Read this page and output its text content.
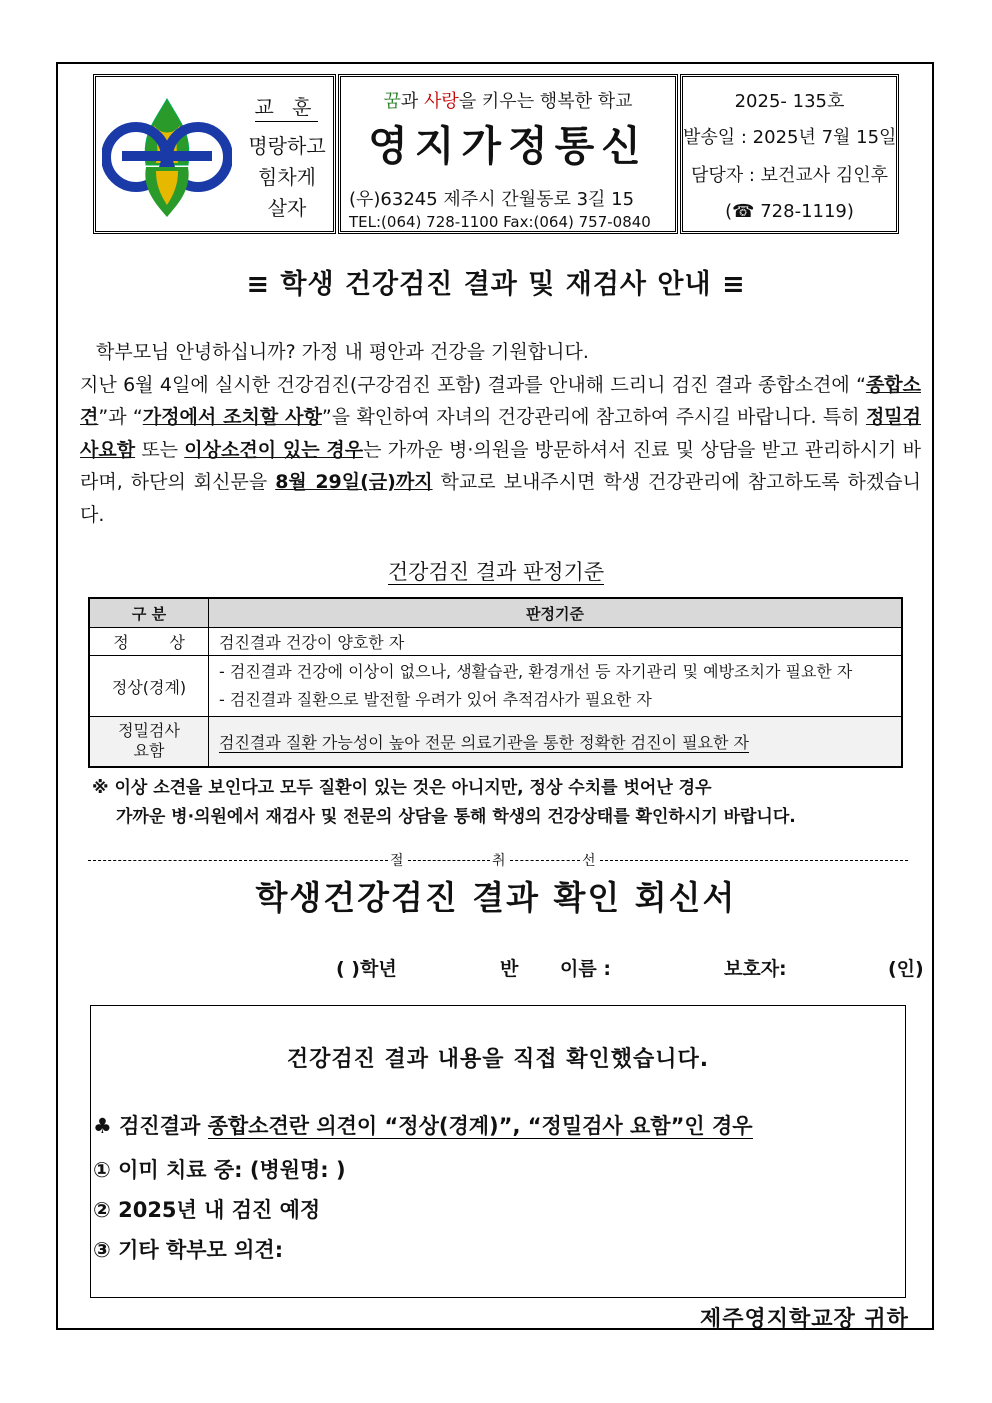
교 훈
명랑하고
힘차게
살자
꿈과 사랑을 키우는 행복한 학교
영지가정통신
(우)63245 제주시 간월동로 3길 15
TEL:(064) 728-1100 Fax:(064) 757-0840
2025- 135호
발송일 : 2025년 7월 15일
담당자 : 보건교사 김인후
(☎ 728-1119)
≡ 학생 건강검진 결과 및 재검사 안내 ≡

학부모님 안녕하십니까? 가정 내 평안과 건강을 기원합니다.

지난 6월 4일에 실시한 건강검진(구강검진 포함) 결과를 안내해 드리니 검진 결과 종합소견에 “종합소견”과 “가정에서 조치할 사항”을 확인하여 자녀의 건강관리에 참고하여 주시길 바랍니다. 특히 정밀검사요함 또는 이상소견이 있는 경우는 가까운 병·의원을 방문하셔서 진료 및 상담을 받고 관리하시기 바라며, 하단의 회신문을 8월 29일(금)까지 학교로 보내주시면 학생 건강관리에 참고하도록 하겠습니다.

건강검진 결과 판정기준
구 분	판정기준
정        상	검진결과 건강이 양호한 자
정상(경계)	- 검진결과 건강에 이상이 없으나, 생활습관, 환경개선 등 자기관리 및 예방조치가 필요한 자
- 검진결과 질환으로 발전할 우려가 있어 추적검사가 필요한 자

정밀검사
요함	검진결과 질환 가능성이 높아 전문 의료기관을 통한 정확한 검진이 필요한 자
※ 이상 소견을 보인다고 모두 질환이 있는 것은 아니지만, 정상 수치를 벗어난 경우
가까운 병·의원에서 재검사 및 전문의 상담을 통해 학생의 건강상태를 확인하시기 바랍니다.
절	취	선
학생건강검진 결과 확인 회신서
( )학년	반 이름 :	보호자:	(인)
건강검진 결과 내용을 직접 확인했습니다.
♣ 검진결과 종합소견란 의견이 “정상(경계)”, “정밀검사 요함”인 경우
① 이미 치료 중: (병원명: )
② 2025년 내 검진 예정
③ 기타 학부모 의견:
제주영지학교장 귀하
